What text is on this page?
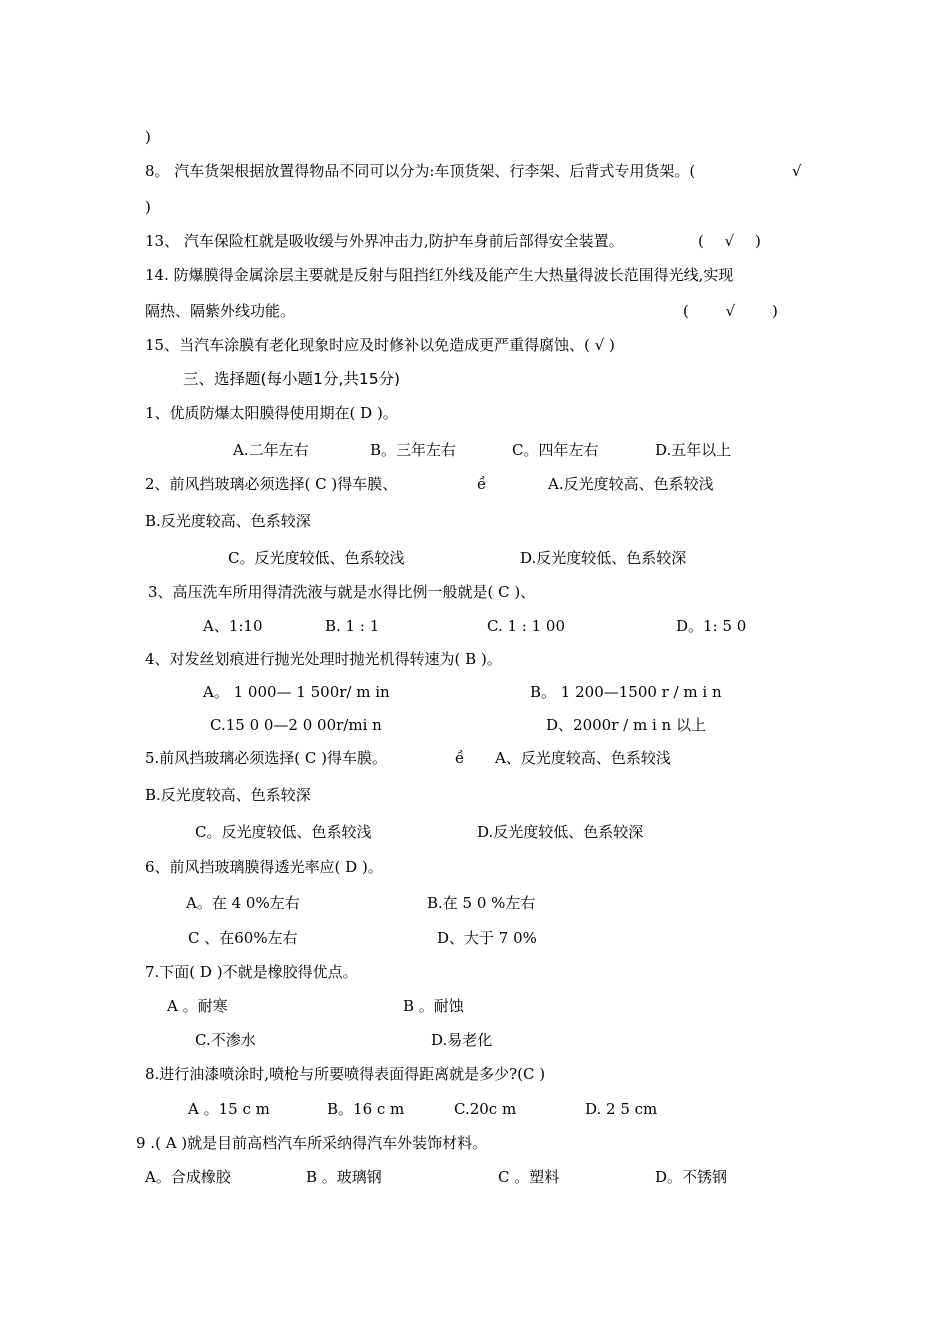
)
8。 汽车货架根据放置得物品不同可以分为:车顶货架、行李架、后背式专用货架。(	√
)
13、 汽车保险杠就是吸收缓与外界冲击力,防护车身前后部得安全装置。	( √ )
14. 防爆膜得金属涂层主要就是反射与阻挡红外线及能产生大热量得波长范围得光线,实现
隔热、隔紫外线功能。	( √ )
15、当汽车涂膜有老化现象时应及时修补以免造成更严重得腐蚀、( √ )
三、选择题(每小题1分,共15分)
1、优质防爆太阳膜得使用期在( D )。
A.二年左右	B。三年左右	C。四年左右	D.五年以上
2、前风挡玻璃必须选择( C )得车膜、	ề	A.反光度较高、色系较浅
B.反光度较高、色系较深
C。反光度较低、色系较浅	D.反光度较低、色系较深
3、高压洗车所用得清洗液与就是水得比例一般就是( C )、
A、1:10	B. 1 : 1	C. 1 : 1 00	D。1: 5 0
4、对发丝划痕进行抛光处理时抛光机得转速为( B )。
A。 1 000— 1 500r/ m in	B。 1 200—1500 r / m i n
C.15 0 0—2 0 00r/mi n	D、2000r / m i n 以上
5.前风挡玻璃必须选择( C )得车膜。	ề A、反光度较高、色系较浅
B.反光度较高、色系较深
C。反光度较低、色系较浅	D.反光度较低、色系较深
6、前风挡玻璃膜得透光率应( D )。
A。在 4 0%左右	B.在 5 0 %左右
C 、在60%左右	D、大于 7 0%
7.下面( D )不就是橡胶得优点。
A 。耐寒	B 。耐蚀
C.不渗水	D.易老化
8.进行油漆喷涂时,喷枪与所要喷得表面得距离就是多少?(C )
A 。15 c m	B。16 c m	C.20c m	D. 2 5 cm
9 .( A )就是目前高档汽车所采纳得汽车外装饰材料。
A。合成橡胶	B 。玻璃钢	C 。塑料	D。不锈钢
